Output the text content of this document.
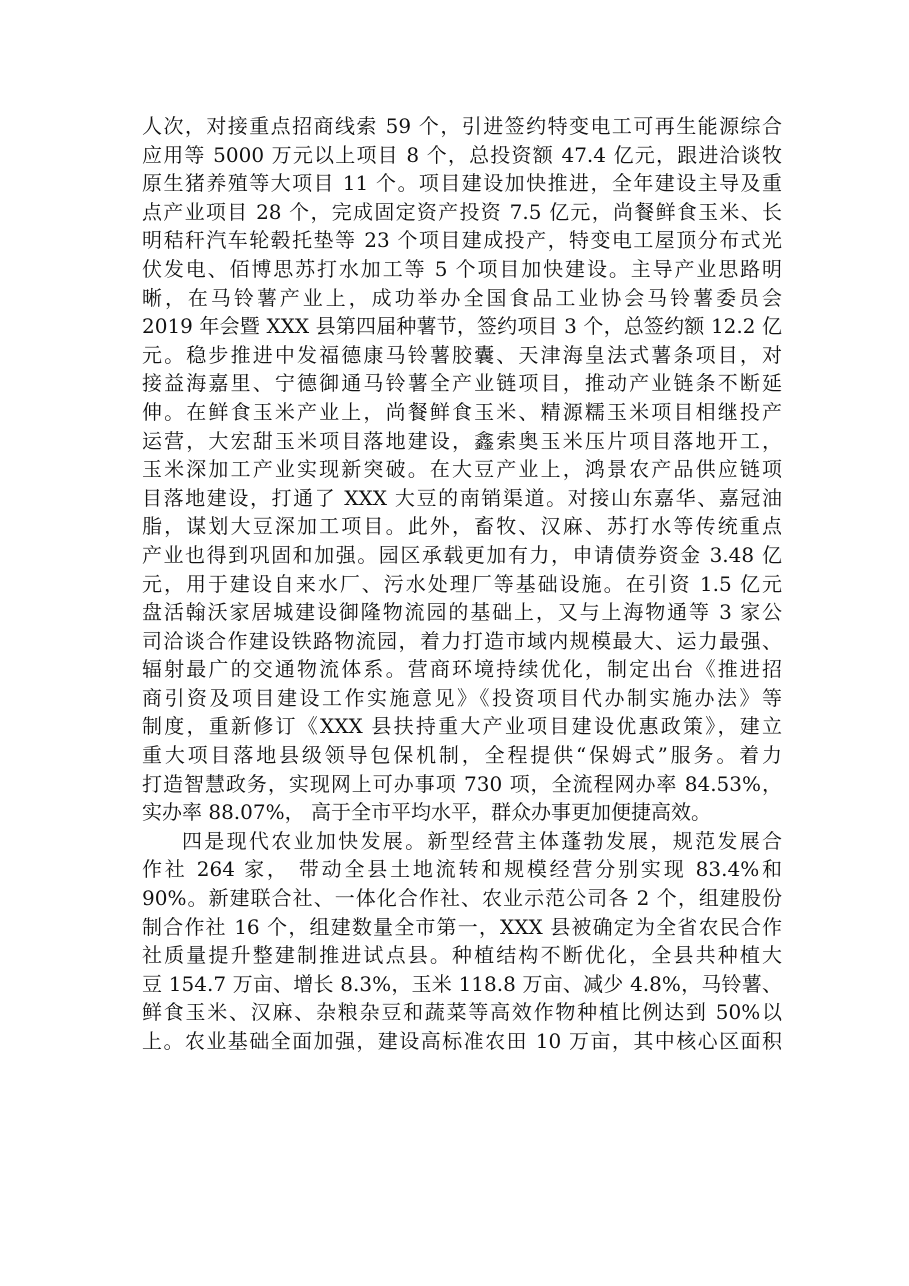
人次，对接重点招商线索 59 个，引进签约特变电工可再生能源综合
应用等 5000 万元以上项目 8 个，总投资额 47.4 亿元，跟进洽谈牧
原生猪养殖等大项目 11 个。项目建设加快推进，全年建设主导及重
点产业项目 28 个，完成固定资产投资 7.5 亿元，尚餐鲜食玉米、长
明秸秆汽车轮毂托垫等 23 个项目建成投产，特变电工屋顶分布式光
伏发电、佰博思苏打水加工等 5 个项目加快建设。主导产业思路明
晰，在马铃薯产业上，成功举办全国食品工业协会马铃薯委员会
2019 年会暨 XXX 县第四届种薯节，签约项目 3 个，总签约额 12.2 亿
元。稳步推进中发福德康马铃薯胶囊、天津海皇法式薯条项目，对
接益海嘉里、宁德御通马铃薯全产业链项目，推动产业链条不断延
伸。在鲜食玉米产业上，尚餐鲜食玉米、精源糯玉米项目相继投产
运营，大宏甜玉米项目落地建设，鑫索奥玉米压片项目落地开工，
玉米深加工产业实现新突破。在大豆产业上，鸿景农产品供应链项
目落地建设，打通了 XXX 大豆的南销渠道。对接山东嘉华、嘉冠油
脂，谋划大豆深加工项目。此外，畜牧、汉麻、苏打水等传统重点
产业也得到巩固和加强。园区承载更加有力，申请债券资金 3.48 亿
元，用于建设自来水厂、污水处理厂等基础设施。在引资 1.5 亿元
盘活翰沃家居城建设御隆物流园的基础上，又与上海物通等 3 家公
司洽谈合作建设铁路物流园，着力打造市域内规模最大、运力最强、
辐射最广的交通物流体系。营商环境持续优化，制定出台《推进招
商引资及项目建设工作实施意见》《投资项目代办制实施办法》等
制度，重新修订《XXX 县扶持重大产业项目建设优惠政策》，建立
重大项目落地县级领导包保机制，全程提供“保姆式”服务。着力
打造智慧政务，实现网上可办事项 730 项，全流程网办率 84.53%，
实办率 88.07%， 高于全市平均水平，群众办事更加便捷高效。
四是现代农业加快发展。新型经营主体蓬勃发展，规范发展合
作社 264 家， 带动全县土地流转和规模经营分别实现 83.4%和
90%。新建联合社、一体化合作社、农业示范公司各 2 个，组建股份
制合作社 16 个，组建数量全市第一，XXX 县被确定为全省农民合作
社质量提升整建制推进试点县。种植结构不断优化，全县共种植大
豆 154.7 万亩、增长 8.3%，玉米 118.8 万亩、减少 4.8%，马铃薯、
鲜食玉米、汉麻、杂粮杂豆和蔬菜等高效作物种植比例达到 50%以
上。农业基础全面加强，建设高标准农田 10 万亩，其中核心区面积
